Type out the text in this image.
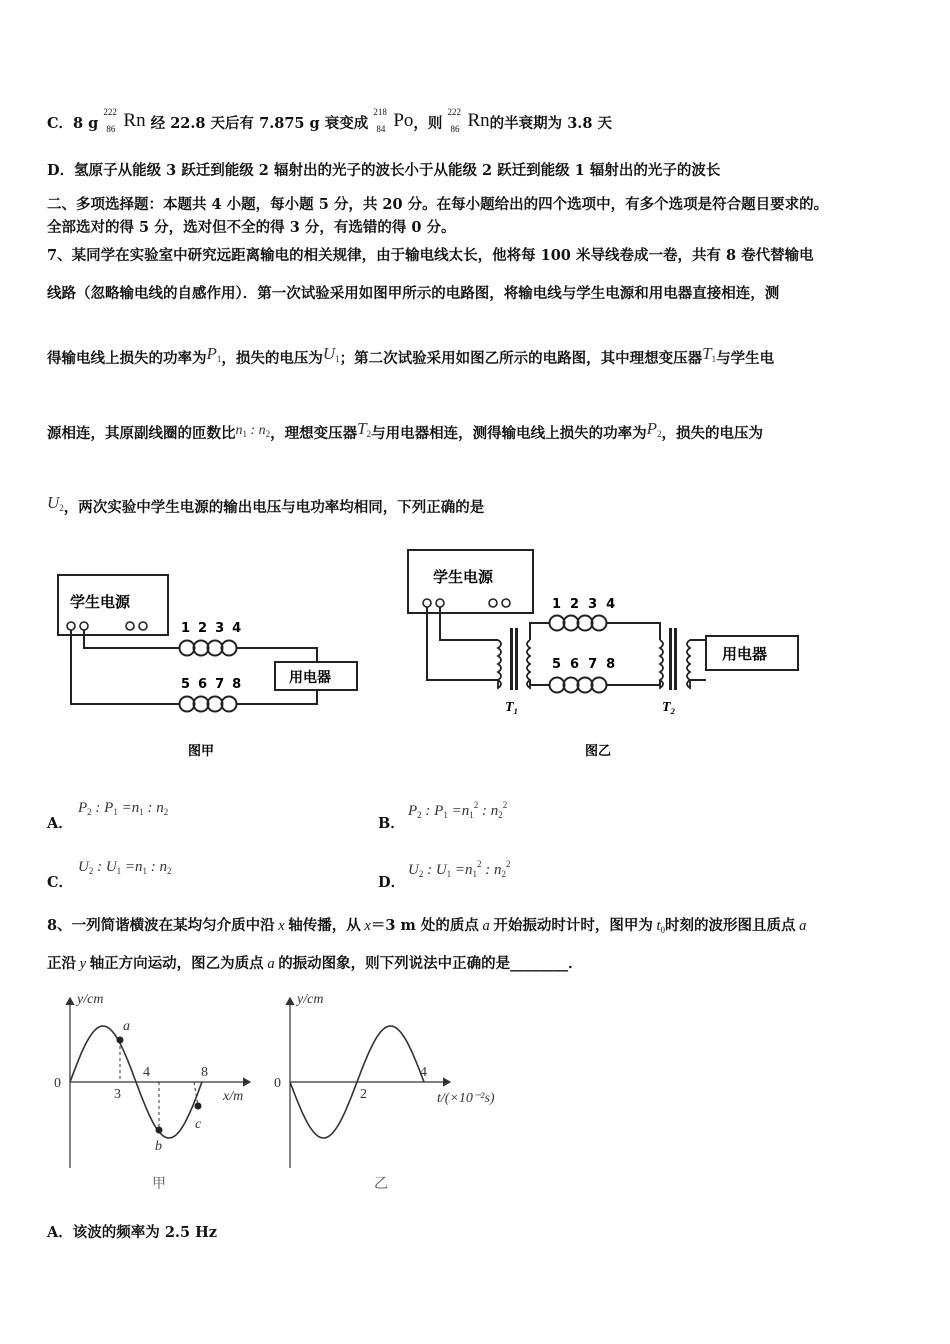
C．8 g
222
86 Rn 经 22.8 天后有 7.875 g 衰变成
218
84 Po，则
222
86 Rn的半衰期为 3.8 天
D．氢原子从能级 3 跃迁到能级 2 辐射出的光子的波长小于从能级 2 跃迁到能级 1 辐射出的光子的波长
二、多项选择题：本题共 4 小题，每小题 5 分，共 20 分。在每小题给出的四个选项中，有多个选项是符合题目要求的。
全部选对的得 5 分，选对但不全的得 3 分，有选错的得 0 分。
7、某同学在实验室中研究远距离输电的相关规律，由于输电线太长，他将每 100 米导线卷成一卷，共有 8 卷代替输电
线路（忽略输电线的自感作用）．第一次试验采用如图甲所示的电路图，将输电线与学生电源和用电器直接相连，测
得输电线上损失的功率为$P_1$，损失的电压为$U_1$；第二次试验采用如图乙所示的电路图，其中理想变压器$T_1$与学生电
源相连，其原副线圈的匝数比$n_1$ : $n_2$，理想变压器$T_2$与用电器相连，测得输电线上损失的功率为$P_2$，损失的电压为
$U_2$，两次实验中学生电源的输出电压与电功率均相同，下列正确的是
学生电源
1 2 3 4
5 6 7 8	用电器
图甲
学生电源
1 2 3 4
5 6 7 8
用电器
T₁	T₂
图乙
A．
$P_2$ : $P_1 =n_1$ : $n_2$
B．
$P_2$ : $P_1 =n_1^2$ : $n_2^2$
C．
$U_2$ : $U_1 =n_1$ : $n_2$
D．
$U_2$ : $U_1 =n_1^2$ : $n_2^2$
8、一列简谐横波在某均匀介质中沿 x 轴传播，从 x＝3 m 处的质点 a 开始振动时计时，图甲为 $t_0$时刻的波形图且质点 a
正沿 y 轴正方向运动，图乙为质点 a 的振动图象，则下列说法中正确的是________．
y/cm
x/m
0
a
b
c
3
4	8
甲
y/cm
t/(×10⁻²s)
0
2
4
乙
A．该波的频率为 2.5 Hz
